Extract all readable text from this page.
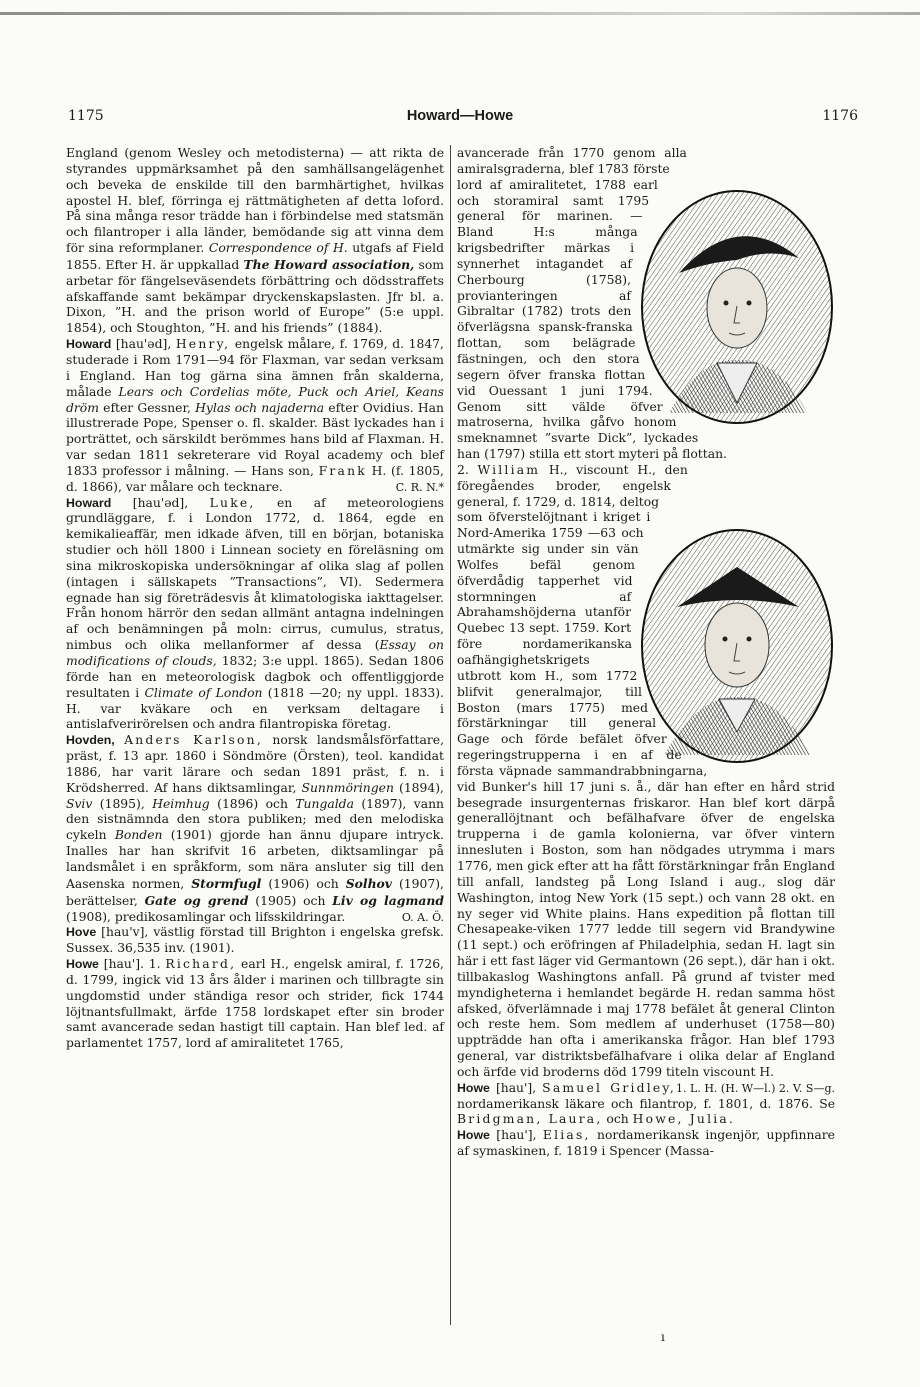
1175	Howard—Howe	1176

England (genom Wesley och metodisterna) — att rikta de styrandes uppmärksamhet på den samhällsangelägenhet och beveka de enskilde till den barmhärtighet, hvilkas apostel H. blef, förringa ej rättmätigheten af detta loford. På sina många resor trädde han i förbindelse med statsmän och filantroper i alla länder, bemödande sig att vinna dem för sina reformplaner. Correspondence of H. utgafs af Field 1855. Efter H. är uppkallad The Howard association, som arbetar för fängelseväsendets förbättring och dödsstraffets afskaffande samt bekämpar dryckenskapslasten. Jfr bl. a. Dixon, ”H. and the prison world of Europe” (5:e uppl. 1854), och Stoughton, ”H. and his friends” (1884).

Howard [hau'əd], Henry, engelsk målare, f. 1769, d. 1847, studerade i Rom 1791—94 för Flaxman, var sedan verksam i England. Han tog gärna sina ämnen från skalderna, målade Lears och Cordelias möte, Puck och Ariel, Keans dröm efter Gessner, Hylas och najaderna efter Ovidius. Han illustrerade Pope, Spenser o. fl. skalder. Bäst lyckades han i porträttet, och särskildt berömmes hans bild af Flaxman. H. var sedan 1811 sekreterare vid Royal academy och blef 1833 professor i målning. — Hans son, Frank H. (f. 1805, d. 1866), var målare och tecknare.	C. R. N.*

Howard [hau'əd], Luke, en af meteorologiens grundläggare, f. i London 1772, d. 1864, egde en kemikalieaffär, men idkade äfven, till en början, botaniska studier och höll 1800 i Linnean society en föreläsning om sina mikroskopiska undersökningar af olika slag af pollen (intagen i sällskapets ”Transactions”, VI). Sedermera egnade han sig företrädesvis åt klimatologiska iakttagelser. Från honom härrör den sedan allmänt antagna indelningen af och benämningen på moln: cirrus, cumulus, stratus, nimbus och olika mellanformer af dessa (Essay on modifications of clouds, 1832; 3:e uppl. 1865). Sedan 1806 förde han en meteorologisk dagbok och offentliggjorde resultaten i Climate of London (1818 —20; ny uppl. 1833). H. var kväkare och en verksam deltagare i antislafverirörelsen och andra filantropiska företag.

Hovden, Anders Karlson, norsk landsmålsförfattare, präst, f. 13 apr. 1860 i Söndmöre (Örsten), teol. kandidat 1886, har varit lärare och sedan 1891 präst, f. n. i Krödsherred. Af hans diktsamlingar, Sunnmöringen (1894), Sviv (1895), Heimhug (1896) och Tungalda (1897), vann den sistnämnda den stora publiken; med den melodiska cykeln Bonden (1901) gjorde han ännu djupare intryck. Inalles har han skrifvit 16 arbeten, diktsamlingar på landsmålet i en språkform, som nära ansluter sig till den Aasenska normen, Stormfugl (1906) och Solhov (1907), berättelser, Gate og grend (1905) och Liv og lagmand (1908), predikosamlingar och lifsskildringar.	O. A. Ö.

Hove [hau'v], västlig förstad till Brighton i engelska grefsk. Sussex. 36,535 inv. (1901).

Howe [hau']. 1. Richard, earl H., engelsk amiral, f. 1726, d. 1799, ingick vid 13 års ålder i marinen och tillbragte sin ungdomstid under ständiga resor och strider, fick 1744 löjtnantsfullmakt, ärfde 1758 lordskapet efter sin broder samt avancerade sedan hastigt till captain. Han blef led. af parlamentet 1757, lord af amiralitetet 1765,

avancerade från 1770 genom alla amiralsgraderna, blef 1783 förste lord af amiralitetet, 1788 earl och storamiral samt 1795 general för marinen. — Bland H:s många krigsbedrifter märkas i synnerhet intagandet af Cherbourg (1758), provianteringen af Gibraltar (1782) trots den öfverlägsna spansk-franska flottan, som belägrade fästningen, och den stora segern öfver franska flottan vid Ouessant 1 juni 1794. Genom sitt välde öfver matroserna, hvilka gåfvo honom smeknamnet ”svarte Dick”, lyckades han (1797) stilla ett stort myteri på flottan.

2. William H., viscount H., den föregåendes broder, engelsk general, f. 1729, d. 1814, deltog som öfverstelöjtnant i kriget i Nord-Amerika 1759 —63 och utmärkte sig under sin vän Wolfes befäl genom öfverdådig tapperhet vid stormningen af Abrahamshöjderna utanför Quebec 13 sept. 1759. Kort före nordamerikanska oafhängighetskrigets utbrott kom H., som 1772 blifvit generalmajor, till Boston (mars 1775) med förstärkningar till general Gage och förde befälet öfver regeringstrupperna i en af de första väpnade sammandrabbningarna, vid Bunker's hill 17 juni s. å., där han efter en hård strid besegrade insurgenternas friskaror. Han blef kort därpå generallöjtnant och befälhafvare öfver de engelska trupperna i de gamla kolonierna, var öfver vintern innesluten i Boston, som han nödgades utrymma i mars 1776, men gick efter att ha fått förstärkningar från England till anfall, landsteg på Long Island i aug., slog där Washington, intog New York (15 sept.) och vann 28 okt. en ny seger vid White plains. Hans expedition på flottan till Chesapeake-viken 1777 ledde till segern vid Brandywine (11 sept.) och eröfringen af Philadelphia, sedan H. lagt sin här i ett fast läger vid Germantown (26 sept.), där han i okt. tillbakaslog Washingtons anfall. På grund af tvister med myndigheterna i hemlandet begärde H. redan samma höst afsked, öfverlämnade i maj 1778 befälet åt general Clinton och reste hem. Som medlem af underhuset (1758—80) uppträdde han ofta i amerikanska frågor. Han blef 1793 general, var distriktsbefälhafvare i olika delar af England och ärfde vid broderns död 1799 titeln viscount H.
1. L. H. (H. W—l.) 2. V. S—g.

Howe [hau'], Samuel Gridley, nordamerikansk läkare och filantrop, f. 1801, d. 1876. Se Bridgman, Laura, och Howe, Julia.

Howe [hau'], Elias, nordamerikansk ingenjör, uppfinnare af symaskinen, f. 1819 i Spencer (Massa-

ı
